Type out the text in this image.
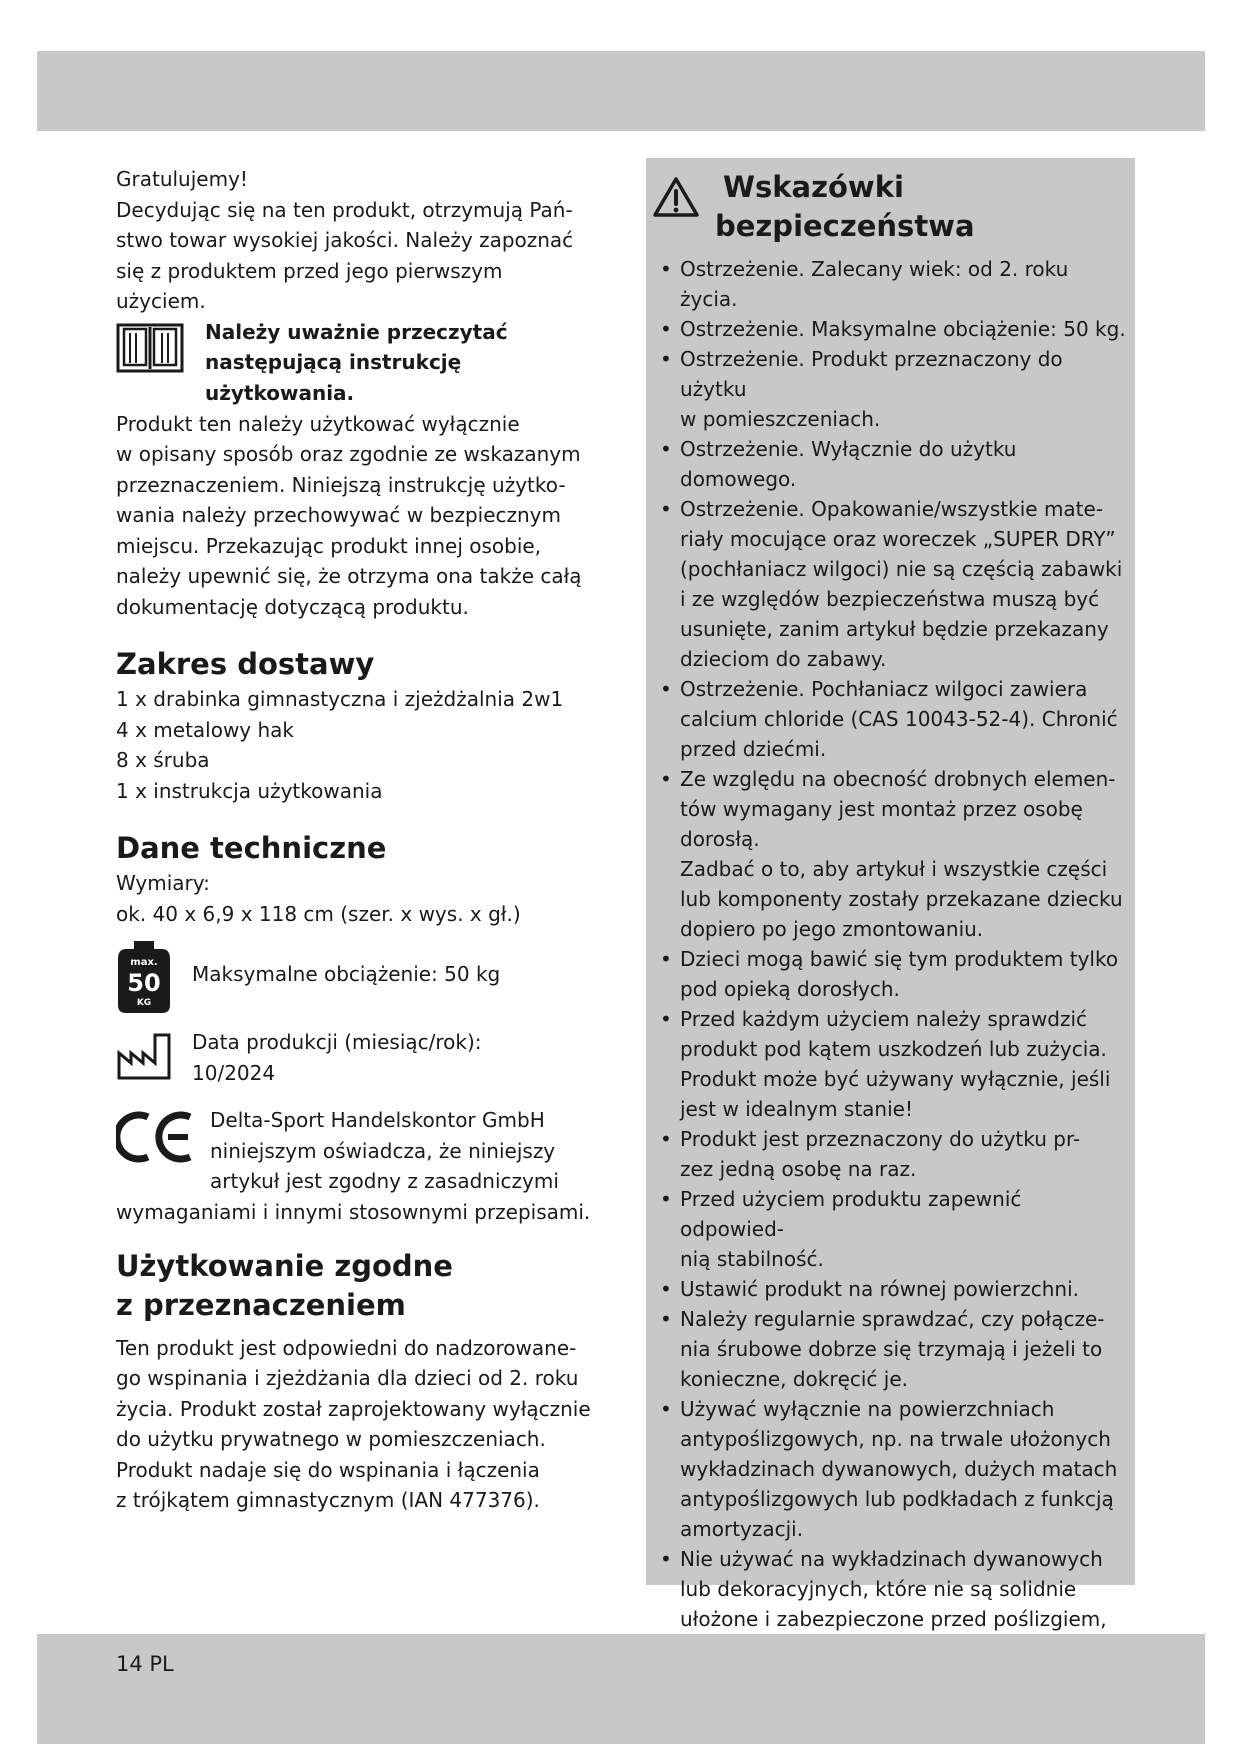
Gratulujemy!

Decydując się na ten produkt, otrzymują Pań-

stwo towar wysokiej jakości. Należy zapoznać

się z produktem przed jego pierwszym użyciem.

Należy uważnie przeczytać

następującą instrukcję

użytkowania.

Produkt ten należy użytkować wyłącznie

w opisany sposób oraz zgodnie ze wskazanym

przeznaczeniem. Niniejszą instrukcję użytko-

wania należy przechowywać w bezpiecznym

miejscu. Przekazując produkt innej osobie,

należy upewnić się, że otrzyma ona także całą

dokumentację dotyczącą produktu.

Zakres dostawy

1 x drabinka gimnastyczna i zjeżdżalnia 2w1

4 x metalowy hak

8 x śruba

1 x instrukcja użytkowania

Dane techniczne

Wymiary:

ok. 40 x 6,9 x 118 cm (szer. x wys. x gł.)

max.
50
KG

Maksymalne obciążenie: 50 kg

Data produkcji (miesiąc/rok):

10/2024

Delta-Sport Handelskontor GmbH

niniejszym oświadcza, że niniejszy

artykuł jest zgodny z zasadniczymi

wymaganiami i innymi stosownymi przepisami.

Użytkowanie zgodne

z przeznaczeniem

Ten produkt jest odpowiedni do nadzorowane-

go wspinania i zjeżdżania dla dzieci od 2. roku

życia. Produkt został zaprojektowany wyłącznie

do użytku prywatnego w pomieszczeniach.

Produkt nadaje się do wspinania i łączenia

z trójkątem gimnastycznym (IAN 477376).

Wskazówki

bezpieczeństwa

• Ostrzeżenie. Zalecany wiek: od 2. roku życia.
• Ostrzeżenie. Maksymalne obciążenie: 50 kg.
• Ostrzeżenie. Produkt przeznaczony do użytku
w pomieszczeniach.
• Ostrzeżenie. Wyłącznie do użytku domowego.
• Ostrzeżenie. Opakowanie/wszystkie mate-
riały mocujące oraz woreczek „SUPER DRY”
(pochłaniacz wilgoci) nie są częścią zabawki
i ze względów bezpieczeństwa muszą być
usunięte, zanim artykuł będzie przekazany
dzieciom do zabawy.
• Ostrzeżenie. Pochłaniacz wilgoci zawiera
calcium chloride (CAS 10043-52-4). Chronić
przed dziećmi.
• Ze względu na obecność drobnych elemen-
tów wymagany jest montaż przez osobę
dorosłą.
Zadbać o to, aby artykuł i wszystkie części
lub komponenty zostały przekazane dziecku
dopiero po jego zmontowaniu.
• Dzieci mogą bawić się tym produktem tylko
pod opieką dorosłych.
• Przed każdym użyciem należy sprawdzić
produkt pod kątem uszkodzeń lub zużycia.
Produkt może być używany wyłącznie, jeśli
jest w idealnym stanie!
• Produkt jest przeznaczony do użytku pr-
zez jedną osobę na raz.
• Przed użyciem produktu zapewnić odpowied-
nią stabilność.
• Ustawić produkt na równej powierzchni.
• Należy regularnie sprawdzać, czy połącze-
nia śrubowe dobrze się trzymają i jeżeli to
konieczne, dokręcić je.
• Używać wyłącznie na powierzchniach
antypoślizgowych, np. na trwale ułożonych
wykładzinach dywanowych, dużych matach
antypoślizgowych lub podkładach z funkcją
amortyzacji.
• Nie używać na wykładzinach dywanowych
lub dekoracyjnych, które nie są solidnie
ułożone i zabezpieczone przed poślizgiem,
14 PL
